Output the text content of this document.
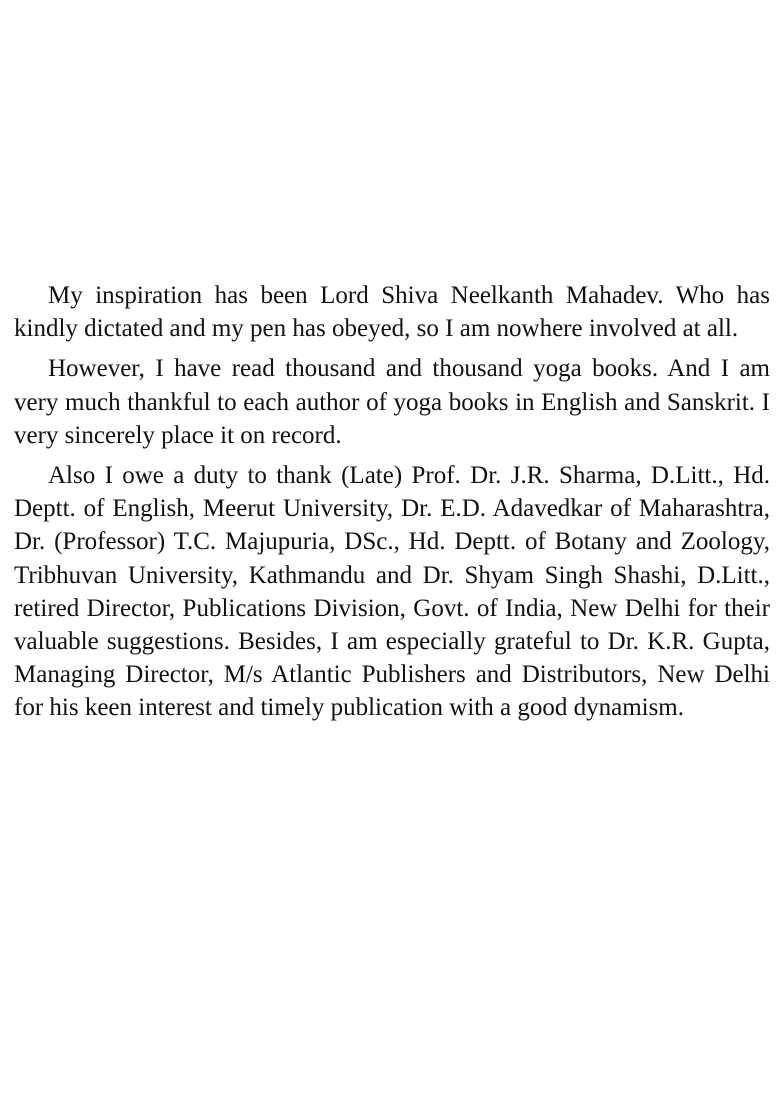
My inspiration has been Lord Shiva Neelkanth Mahadev. Who has kindly dictated and my pen has obeyed, so I am nowhere involved at all.

However, I have read thousand and thousand yoga books. And I am very much thankful to each author of yoga books in English and Sanskrit. I very sincerely place it on record.

Also I owe a duty to thank (Late) Prof. Dr. J.R. Sharma, D.Litt., Hd. Deptt. of English, Meerut University, Dr. E.D. Adavedkar of Maharashtra, Dr. (Professor) T.C. Majupuria, DSc., Hd. Deptt. of Botany and Zoology, Tribhuvan University, Kathmandu and Dr. Shyam Singh Shashi, D.Litt., retired Director, Publications Division, Govt. of India, New Delhi for their valuable suggestions. Besides, I am especially grateful to Dr. K.R. Gupta, Managing Director, M/s Atlantic Publishers and Distributors, New Delhi for his keen interest and timely publication with a good dynamism.
